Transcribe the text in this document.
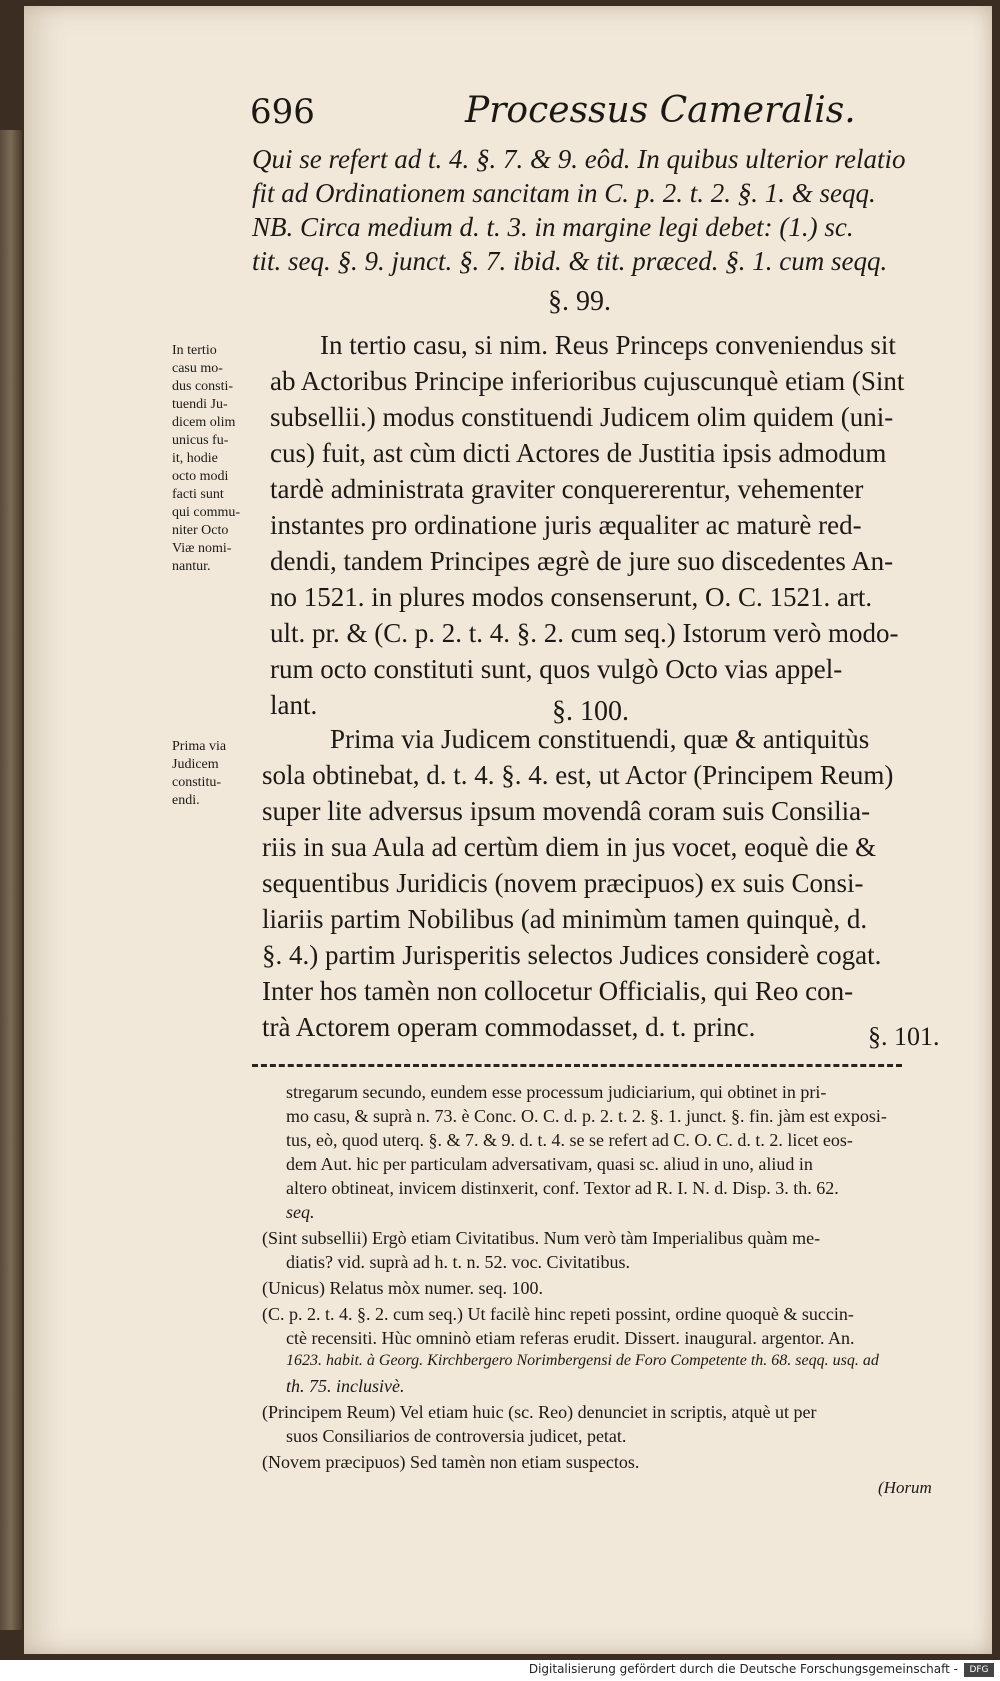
696	Processus Cameralis.
Qui se refert ad t. 4. §. 7. & 9. eôd. In quibus ulterior relatio
fit ad Ordinationem sancitam in C. p. 2. t. 2. §. 1. & seqq.
NB. Circa medium d. t. 3. in margine legi debet: (1.) sc.
tit. seq. §. 9. junct. §. 7. ibid. & tit. præced. §. 1. cum seqq.
§. 99.
In tertio
casu mo-
dus consti-
tuendi Ju-
dicem olim
unicus fu-
it, hodie
octo modi
facti sunt
qui commu-
niter Octo
Viæ nomi-
nantur.
In tertio casu, si nim. Reus Princeps conveniendus sit
ab Actoribus Principe inferioribus cujuscunquè etiam (Sint
subsellii.) modus constituendi Judicem olim quidem (uni-
cus) fuit, ast cùm dicti Actores de Justitia ipsis admodum
tardè administrata graviter conquererentur, vehementer
instantes pro ordinatione juris æqualiter ac maturè red-
dendi, tandem Principes ægrè de jure suo discedentes An-
no 1521. in plures modos consenserunt, O. C. 1521. art.
ult. pr. & (C. p. 2. t. 4. §. 2. cum seq.) Istorum verò modo-
rum octo constituti sunt, quos vulgò Octo vias appel-
lant.	§. 100.
Prima via
Judicem
constitu-
endi.
Prima via Judicem constituendi, quæ & antiquitùs
sola obtinebat, d. t. 4. §. 4. est, ut Actor (Principem Reum)
super lite adversus ipsum movendâ coram suis Consilia-
riis in sua Aula ad certùm diem in jus vocet, eoquè die &
sequentibus Juridicis (novem præcipuos) ex suis Consi-
liariis partim Nobilibus (ad minimùm tamen quinquè, d.
§. 4.) partim Jurisperitis selectos Judices considerè cogat.
Inter hos tamèn non collocetur Officialis, qui Reo con-
trà Actorem operam commodasset, d. t. princ.	§. 101.
stregarum secundo, eundem esse processum judiciarium, qui obtinet in pri-
mo casu, & suprà n. 73. è Conc. O. C. d. p. 2. t. 2. §. 1. junct. §. fin. jàm est exposi-
tus, eò, quod uterq. §. & 7. & 9. d. t. 4. se se refert ad C. O. C. d. t. 2. licet eos-
dem Aut. hic per particulam adversativam, quasi sc. aliud in uno, aliud in
altero obtineat, invicem distinxerit, conf. Textor ad R. I. N. d. Disp. 3. th. 62.
seq.
(Sint subsellii) Ergò etiam Civitatibus. Num verò tàm Imperialibus quàm me-
diatis? vid. suprà ad h. t. n. 52. voc. Civitatibus.
(Unicus) Relatus mòx numer. seq. 100.
(C. p. 2. t. 4. §. 2. cum seq.) Ut facilè hinc repeti possint, ordine quoquè & succin-
ctè recensiti. Hùc omninò etiam referas erudit. Dissert. inaugural. argentor. An.
1623. habit. à Georg. Kirchbergero Norimbergensi de Foro Competente th. 68. seqq. usq. ad
th. 75. inclusivè.
(Principem Reum) Vel etiam huic (sc. Reo) denunciet in scriptis, atquè ut per
suos Consiliarios de controversia judicet, petat.
(Novem præcipuos) Sed tamèn non etiam suspectos.
(Horum
Digitalisierung gefördert durch die Deutsche Forschungsgemeinschaft -	DFG
